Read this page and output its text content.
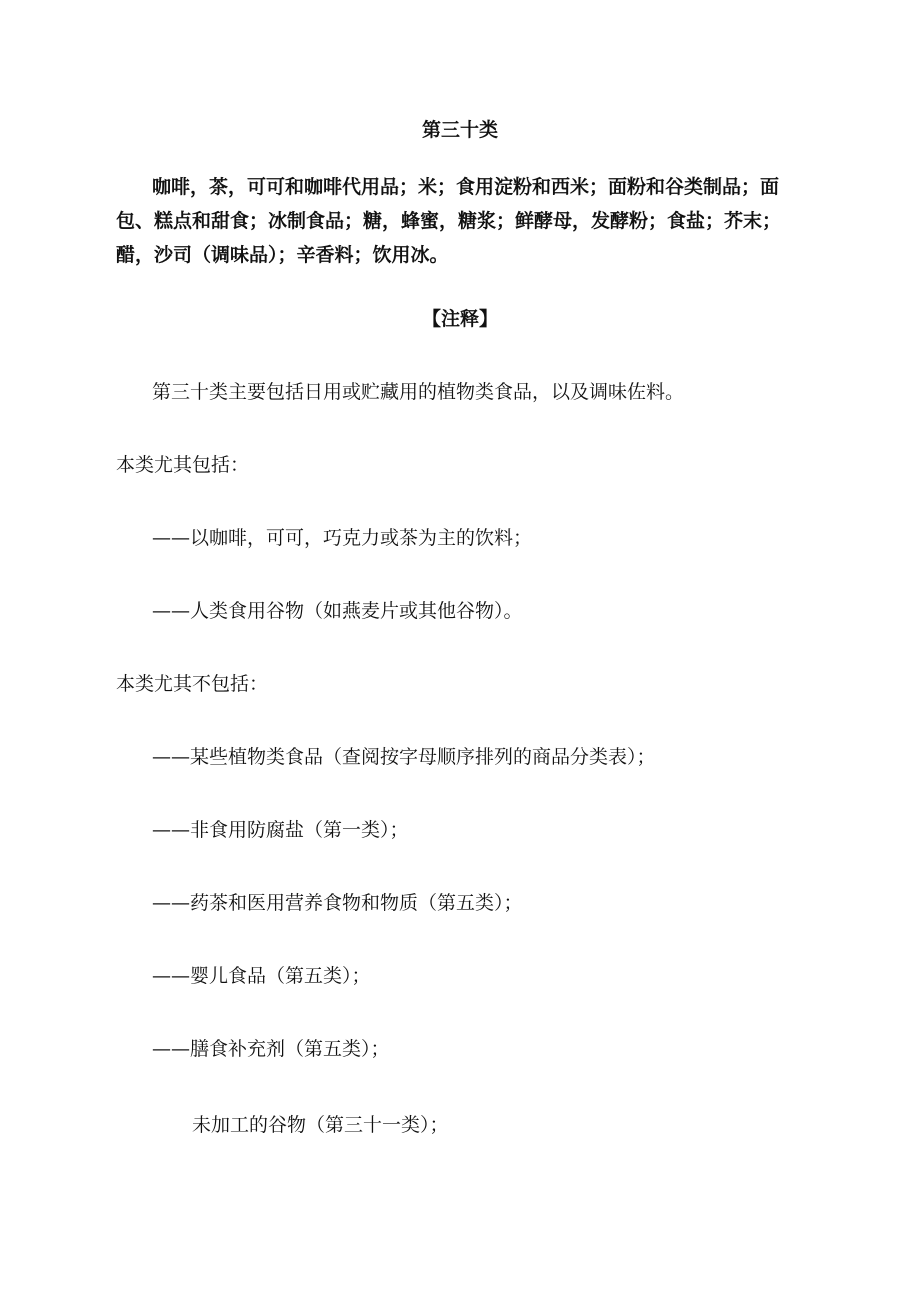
第三十类
咖啡，茶，可可和咖啡代用品；米；食用淀粉和西米；面粉和谷类制品；面
包、糕点和甜食；冰制食品；糖，蜂蜜，糖浆；鲜酵母，发酵粉；食盐；芥末；
醋，沙司（调味品）；辛香料；饮用冰。
【注释】
第三十类主要包括日用或贮藏用的植物类食品，以及调味佐料。
本类尤其包括：
——以咖啡，可可，巧克力或茶为主的饮料；
——人类食用谷物（如燕麦片或其他谷物）。
本类尤其不包括：
——某些植物类食品（查阅按字母顺序排列的商品分类表）；
——非食用防腐盐（第一类）；
——药茶和医用营养食物和物质（第五类）；
——婴儿食品（第五类）；
——膳食补充剂（第五类）；
未加工的谷物（第三十一类）；
